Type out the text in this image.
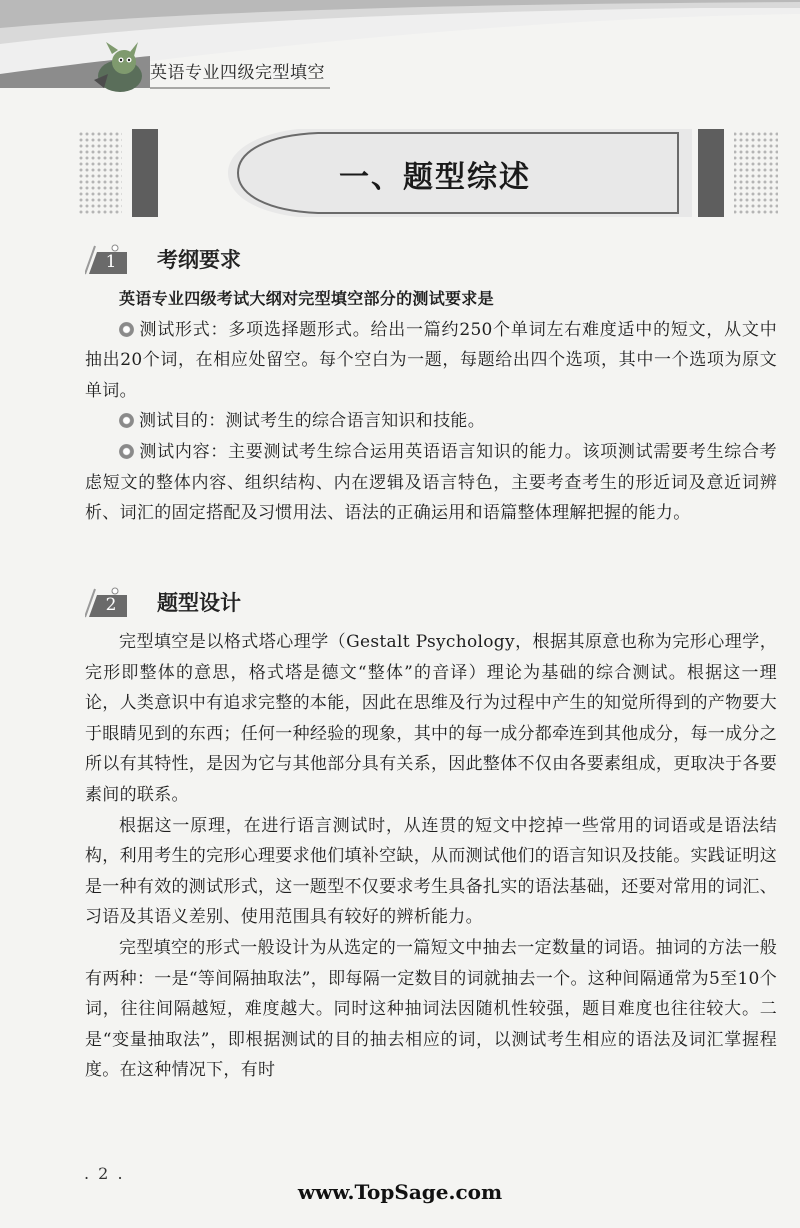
英语专业四级完型填空
一、题型综述
1 考纲要求

英语专业四级考试大纲对完型填空部分的测试要求是

测试形式：多项选择题形式。给出一篇约250个单词左右难度适中的短文，从文中抽出20个词，在相应处留空。每个空白为一题，每题给出四个选项，其中一个选项为原文单词。

测试目的：测试考生的综合语言知识和技能。

测试内容：主要测试考生综合运用英语语言知识的能力。该项测试需要考生综合考虑短文的整体内容、组织结构、内在逻辑及语言特色，主要考查考生的形近词及意近词辨析、词汇的固定搭配及习惯用法、语法的正确运用和语篇整体理解把握的能力。

2 题型设计

完型填空是以格式塔心理学（Gestalt Psychology，根据其原意也称为完形心理学，完形即整体的意思，格式塔是德文“整体”的音译）理论为基础的综合测试。根据这一理论，人类意识中有追求完整的本能，因此在思维及行为过程中产生的知觉所得到的产物要大于眼睛见到的东西；任何一种经验的现象，其中的每一成分都牵连到其他成分，每一成分之所以有其特性，是因为它与其他部分具有关系，因此整体不仅由各要素组成，更取决于各要素间的联系。

根据这一原理，在进行语言测试时，从连贯的短文中挖掉一些常用的词语或是语法结构，利用考生的完形心理要求他们填补空缺，从而测试他们的语言知识及技能。实践证明这是一种有效的测试形式，这一题型不仅要求考生具备扎实的语法基础，还要对常用的词汇、习语及其语义差别、使用范围具有较好的辨析能力。

完型填空的形式一般设计为从选定的一篇短文中抽去一定数量的词语。抽词的方法一般有两种：一是“等间隔抽取法”，即每隔一定数目的词就抽去一个。这种间隔通常为5至10个词，往往间隔越短，难度越大。同时这种抽词法因随机性较强，题目难度也往往较大。二是“变量抽取法”，即根据测试的目的抽去相应的词，以测试考生相应的语法及词汇掌握程度。在这种情况下，有时

. 2 .
www.TopSage.com
